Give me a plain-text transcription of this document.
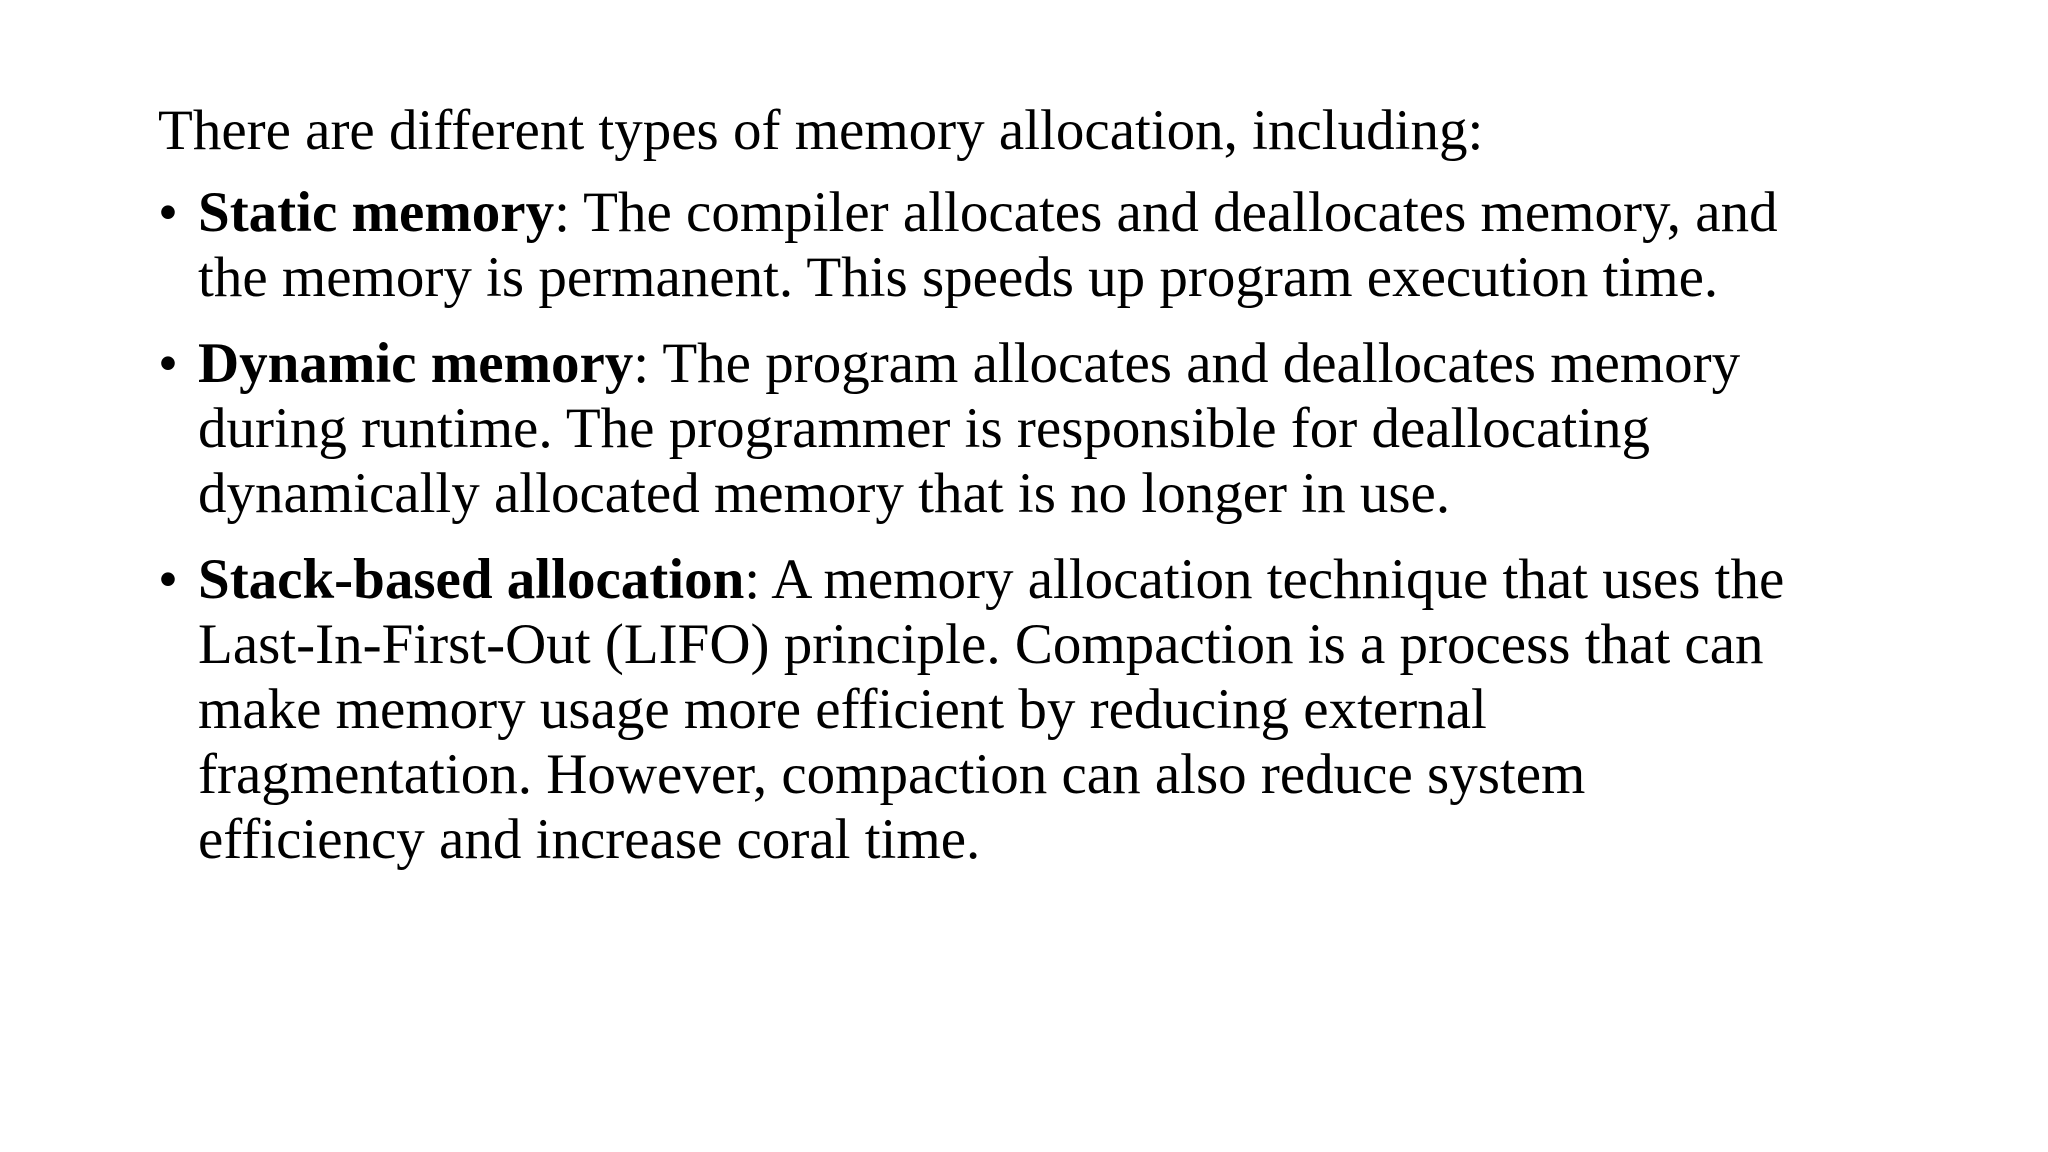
There are different types of memory allocation, including:

• Static memory: The compiler allocates and deallocates memory, and
the memory is permanent. This speeds up program execution time.
• Dynamic memory: The program allocates and deallocates memory
during runtime. The programmer is responsible for deallocating
dynamically allocated memory that is no longer in use.
• Stack-based allocation: A memory allocation technique that uses the
Last-In-First-Out (LIFO) principle. Compaction is a process that can
make memory usage more efficient by reducing external
fragmentation. However, compaction can also reduce system
efficiency and increase coral time.
